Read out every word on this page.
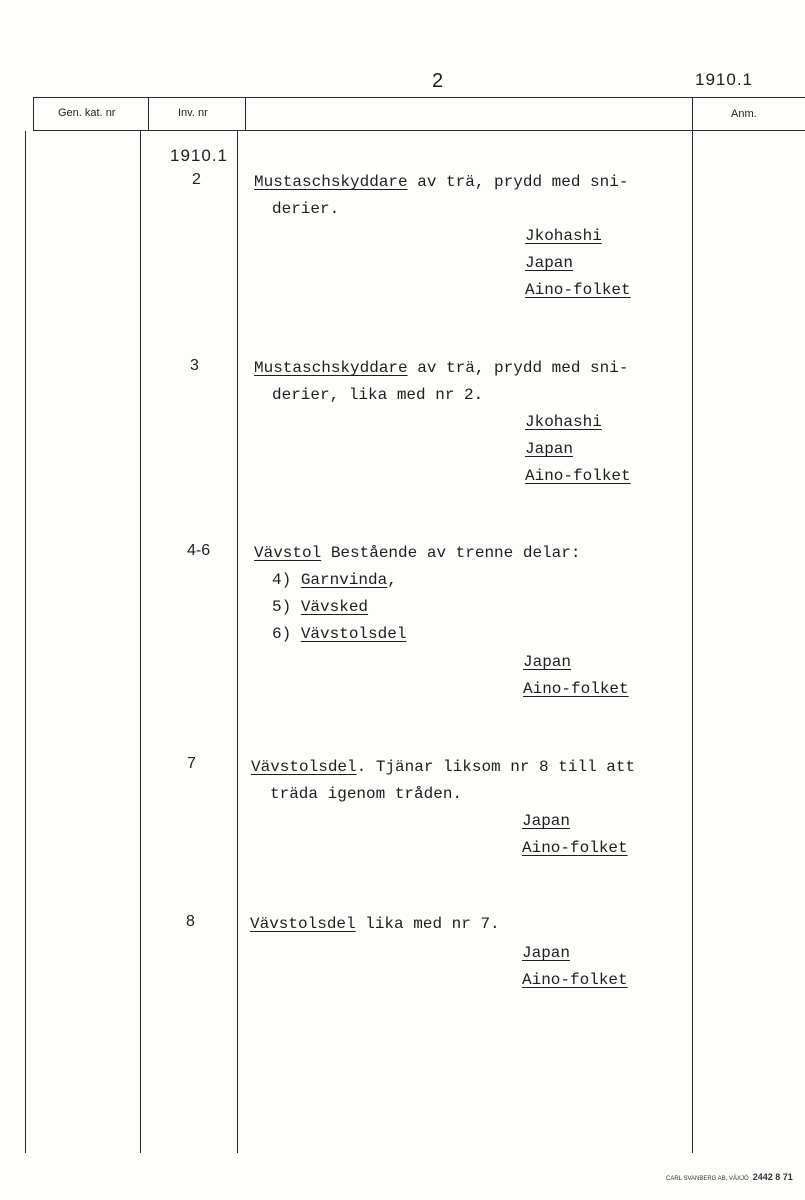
2	1910.1
Gen. kat. nr	Inv. nr	Anm.
1910.1
2	Mustaschskyddare av trä, prydd med sni-
derier.
Jkohashi
Japan
Aino-folket
3	Mustaschskyddare av trä, prydd med sni-
derier, lika med nr 2.
Jkohashi
Japan
Aino-folket
4-6	Vävstol Bestående av trenne delar:
4) Garnvinda,
5) Vävsked
6) Vävstolsdel
Japan
Aino-folket
7	Vävstolsdel. Tjänar liksom nr 8 till att
träda igenom tråden.
Japan
Aino-folket
8	Vävstolsdel lika med nr 7.
Japan
Aino-folket
CARL SVANBERG AB, VÄXJÖ 2442 8 71
